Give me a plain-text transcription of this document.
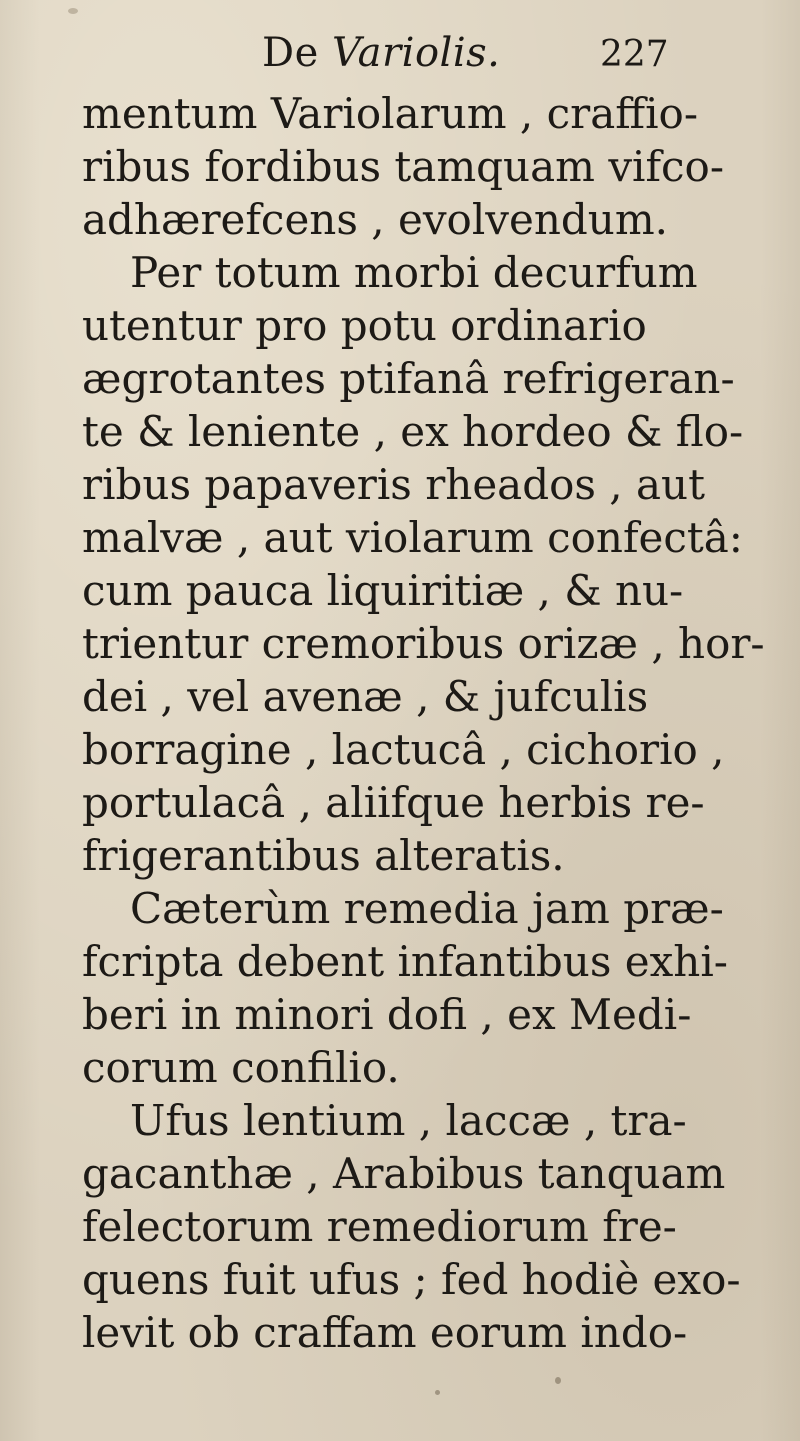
De Variolis.	227
mentum Variolarum , craffio-
ribus fordibus tamquam vifco-
adhærefcens , evolvendum.
Per totum morbi decurfum
utentur pro potu ordinario
ægrotantes ptifanâ refrigeran-
te & leniente , ex hordeo & flo-
ribus papaveris rheados , aut
malvæ , aut violarum confectâ:
cum pauca liquiritiæ , & nu-
trientur cremoribus orizæ , hor-
dei , vel avenæ , & jufculis
borragine , lactucâ , cichorio ,
portulacâ , aliifque herbis re-
frigerantibus alteratis.
Cæterùm remedia jam præ-
fcripta debent infantibus exhi-
beri in minori dofi , ex Medi-
corum confilio.
Ufus lentium , laccæ , tra-
gacanthæ , Arabibus tanquam
felectorum remediorum fre-
quens fuit ufus ; fed hodiè exo-
levit ob craffam eorum indo-
